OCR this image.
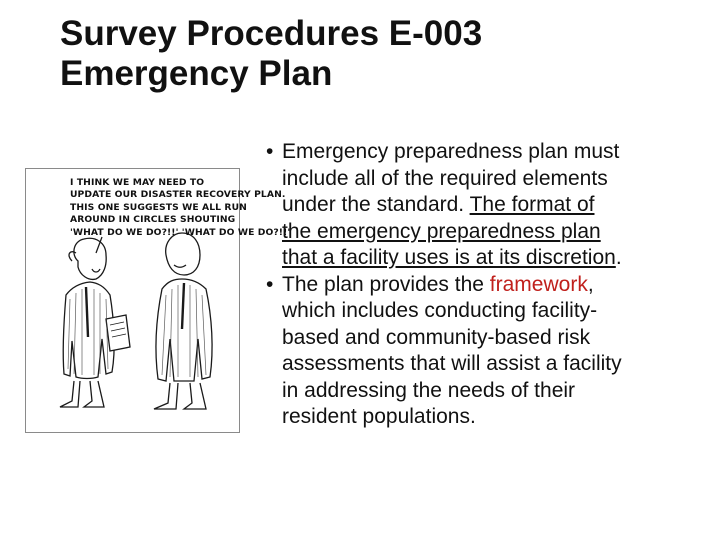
Survey Procedures E-003
Emergency Plan
I THINK WE MAY NEED TO
UPDATE OUR DISASTER RECOVERY PLAN.
THIS ONE SUGGESTS WE ALL RUN
AROUND IN CIRCLES SHOUTING
'WHAT DO WE DO?!!' 'WHAT DO WE DO?!!'
• Emergency preparedness plan must
include all of the required elements
under the standard. The format of
the emergency preparedness plan
that a facility uses is at its discretion.
• The plan provides the framework,
which includes conducting facility-
based and community-based risk
assessments that will assist a facility
in addressing the needs of their
resident populations.
